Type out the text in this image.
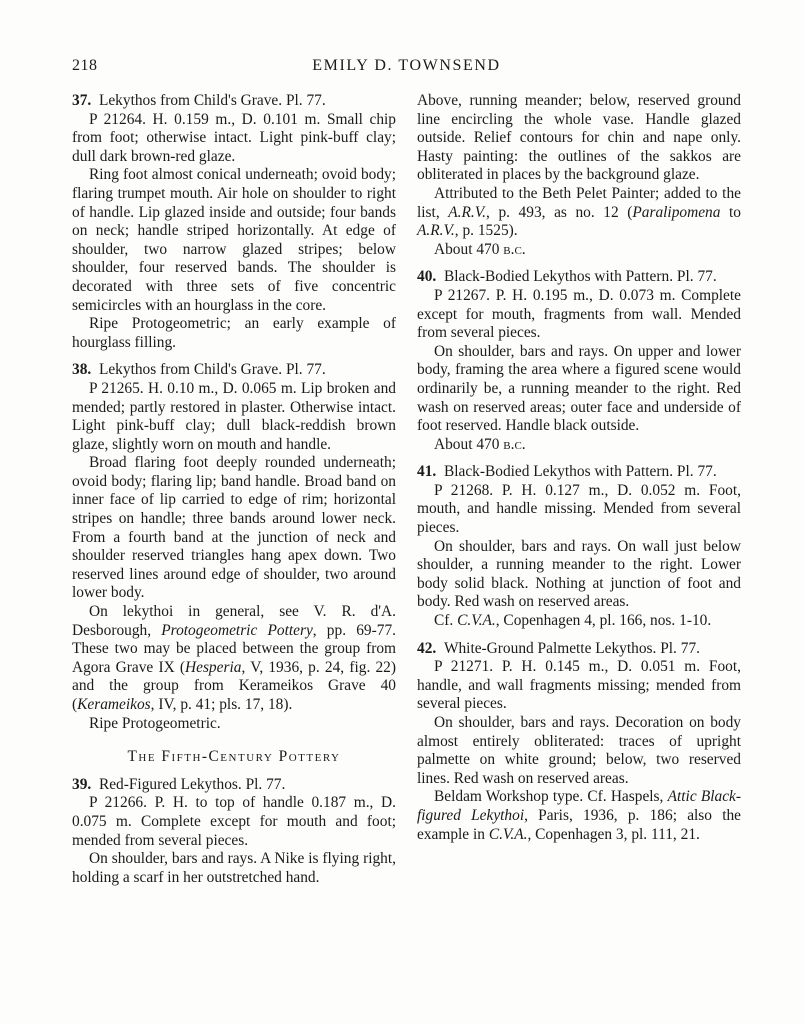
218	EMILY D. TOWNSEND

37.  Lekythos from Child's Grave. Pl. 77.

P 21264. H. 0.159 m., D. 0.101 m. Small chip from foot; otherwise intact. Light pink-buff clay; dull dark brown-red glaze.

Ring foot almost conical underneath; ovoid body; flaring trumpet mouth. Air hole on shoulder to right of handle. Lip glazed inside and outside; four bands on neck; handle striped horizontally. At edge of shoulder, two narrow glazed stripes; below shoulder, four reserved bands. The shoulder is decorated with three sets of five concentric semicircles with an hourglass in the core.

Ripe Protogeometric; an early example of hourglass filling.

38.  Lekythos from Child's Grave. Pl. 77.

P 21265. H. 0.10 m., D. 0.065 m. Lip broken and mended; partly restored in plaster. Otherwise intact. Light pink-buff clay; dull black-reddish brown glaze, slightly worn on mouth and handle.

Broad flaring foot deeply rounded underneath; ovoid body; flaring lip; band handle. Broad band on inner face of lip carried to edge of rim; horizontal stripes on handle; three bands around lower neck. From a fourth band at the junction of neck and shoulder reserved triangles hang apex down. Two reserved lines around edge of shoulder, two around lower body.

On lekythoi in general, see V. R. d'A. Desborough, Protogeometric Pottery, pp. 69-77. These two may be placed between the group from Agora Grave IX (Hesperia, V, 1936, p. 24, fig. 22) and the group from Kerameikos Grave 40 (Kerameikos, IV, p. 41; pls. 17, 18).

Ripe Protogeometric.

The Fifth-Century Pottery

39.  Red-Figured Lekythos. Pl. 77.

P 21266. P. H. to top of handle 0.187 m., D. 0.075 m. Complete except for mouth and foot; mended from several pieces.

On shoulder, bars and rays. A Nike is flying right, holding a scarf in her outstretched hand.

Above, running meander; below, reserved ground line encircling the whole vase. Handle glazed outside. Relief contours for chin and nape only. Hasty painting: the outlines of the sakkos are obliterated in places by the background glaze.

Attributed to the Beth Pelet Painter; added to the list, A.R.V., p. 493, as no. 12 (Paralipomena to A.R.V., p. 1525).

About 470 b.c.

40.  Black-Bodied Lekythos with Pattern. Pl. 77.

P 21267. P. H. 0.195 m., D. 0.073 m. Complete except for mouth, fragments from wall. Mended from several pieces.

On shoulder, bars and rays. On upper and lower body, framing the area where a figured scene would ordinarily be, a running meander to the right. Red wash on reserved areas; outer face and underside of foot reserved. Handle black outside.

About 470 b.c.

41.  Black-Bodied Lekythos with Pattern. Pl. 77.

P 21268. P. H. 0.127 m., D. 0.052 m. Foot, mouth, and handle missing. Mended from several pieces.

On shoulder, bars and rays. On wall just below shoulder, a running meander to the right. Lower body solid black. Nothing at junction of foot and body. Red wash on reserved areas.

Cf. C.V.A., Copenhagen 4, pl. 166, nos. 1-10.

42.  White-Ground Palmette Lekythos. Pl. 77.

P 21271. P. H. 0.145 m., D. 0.051 m. Foot, handle, and wall fragments missing; mended from several pieces.

On shoulder, bars and rays. Decoration on body almost entirely obliterated: traces of upright palmette on white ground; below, two reserved lines. Red wash on reserved areas.

Beldam Workshop type. Cf. Haspels, Attic Black-figured Lekythoi, Paris, 1936, p. 186; also the example in C.V.A., Copenhagen 3, pl. 111, 21.
